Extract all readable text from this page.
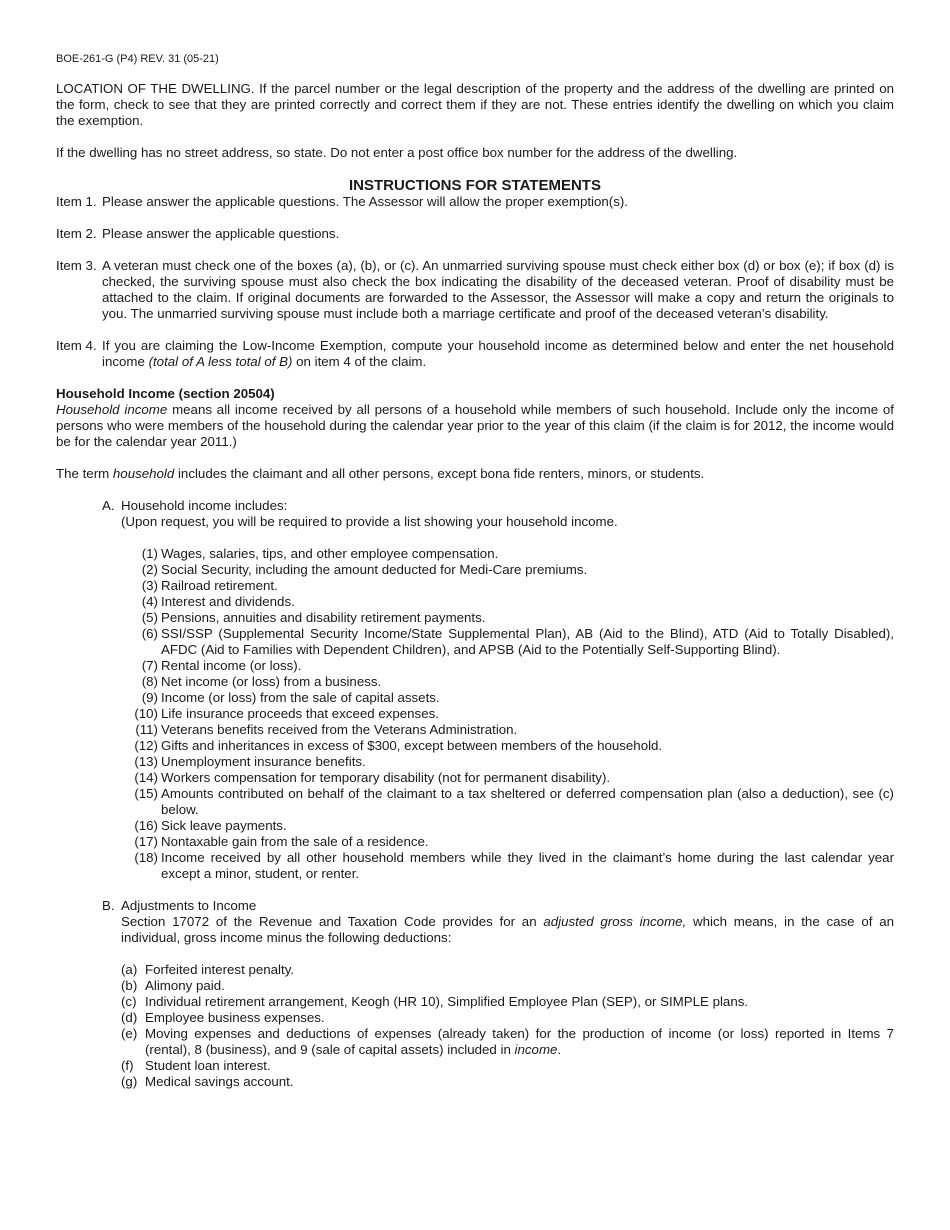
BOE-261-G (P4) REV. 31 (05-21)

LOCATION OF THE DWELLING. If the parcel number or the legal description of the property and the address of the dwelling are printed on the form, check to see that they are printed correctly and correct them if they are not. These entries identify the dwelling on which you claim the exemption.

If the dwelling has no street address, so state. Do not enter a post office box number for the address of the dwelling.

INSTRUCTIONS FOR STATEMENTS
Item 1. Please answer the applicable questions. The Assessor will allow the proper exemption(s).
Item 2. Please answer the applicable questions.
Item 3. A veteran must check one of the boxes (a), (b), or (c). An unmarried surviving spouse must check either box (d) or box (e); if box (d) is checked, the surviving spouse must also check the box indicating the disability of the deceased veteran. Proof of disability must be attached to the claim. If original documents are forwarded to the Assessor, the Assessor will make a copy and return the originals to you. The unmarried surviving spouse must include both a marriage certificate and proof of the deceased veteran’s disability.
Item 4. If you are claiming the Low-Income Exemption, compute your household income as determined below and enter the net household income (total of A less total of B) on item 4 of the claim.
Household Income (section 20504)

Household income means all income received by all persons of a household while members of such household. Include only the income of persons who were members of the household during the calendar year prior to the year of this claim (if the claim is for 2012, the income would be for the calendar year 2011.)

The term household includes the claimant and all other persons, except bona fide renters, minors, or students.

A. Household income includes:
(Upon request, you will be required to provide a list showing your household income.
(1) Wages, salaries, tips, and other employee compensation.
(2) Social Security, including the amount deducted for Medi-Care premiums.
(3) Railroad retirement.
(4) Interest and dividends.
(5) Pensions, annuities and disability retirement payments.
(6) SSI/SSP (Supplemental Security Income/State Supplemental Plan), AB (Aid to the Blind), ATD (Aid to Totally Disabled), AFDC (Aid to Families with Dependent Children), and APSB (Aid to the Potentially Self-Supporting Blind).
(7) Rental income (or loss).
(8) Net income (or loss) from a business.
(9) Income (or loss) from the sale of capital assets.
(10) Life insurance proceeds that exceed expenses.
(11) Veterans benefits received from the Veterans Administration.
(12) Gifts and inheritances in excess of $300, except between members of the household.
(13) Unemployment insurance benefits.
(14) Workers compensation for temporary disability (not for permanent disability).
(15) Amounts contributed on behalf of the claimant to a tax sheltered or deferred compensation plan (also a deduction), see (c) below.
(16) Sick leave payments.
(17) Nontaxable gain from the sale of a residence.
(18) Income received by all other household members while they lived in the claimant’s home during the last calendar year except a minor, student, or renter.
B. Adjustments to Income
Section 17072 of the Revenue and Taxation Code provides for an adjusted gross income, which means, in the case of an individual, gross income minus the following deductions:
(a) Forfeited interest penalty.
(b) Alimony paid.
(c) Individual retirement arrangement, Keogh (HR 10), Simplified Employee Plan (SEP), or SIMPLE plans.
(d) Employee business expenses.
(e) Moving expenses and deductions of expenses (already taken) for the production of income (or loss) reported in Items 7 (rental), 8 (business), and 9 (sale of capital assets) included in income.
(f) Student loan interest.
(g) Medical savings account.
